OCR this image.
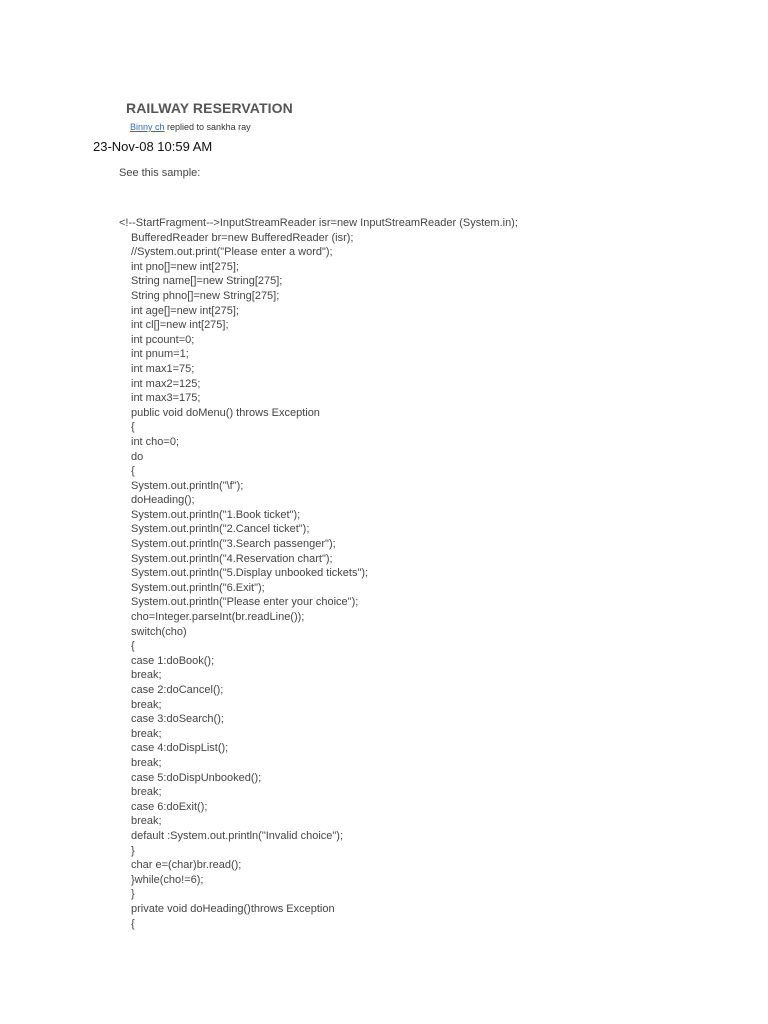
RAILWAY RESERVATION
Binny ch replied to sankha ray
23-Nov-08 10:59 AM
See this sample:
<!--StartFragment-->InputStreamReader isr=new InputStreamReader (System.in);
BufferedReader br=new BufferedReader (isr);
//System.out.print("Please enter a word");
int pno[]=new int[275];
String name[]=new String[275];
String phno[]=new String[275];
int age[]=new int[275];
int cl[]=new int[275];
int pcount=0;
int pnum=1;
int max1=75;
int max2=125;
int max3=175;
public void doMenu() throws Exception
{
int cho=0;
do
{
System.out.println("\f");
doHeading();
System.out.println("1.Book ticket");
System.out.println("2.Cancel ticket");
System.out.println("3.Search passenger");
System.out.println("4.Reservation chart");
System.out.println("5.Display unbooked tickets");
System.out.println("6.Exit");
System.out.println("Please enter your choice");
cho=Integer.parseInt(br.readLine());
switch(cho)
{
case 1:doBook();
break;
case 2:doCancel();
break;
case 3:doSearch();
break;
case 4:doDispList();
break;
case 5:doDispUnbooked();
break;
case 6:doExit();
break;
default :System.out.println("Invalid choice");
}
char e=(char)br.read();
}while(cho!=6);
}
private void doHeading()throws Exception
{
